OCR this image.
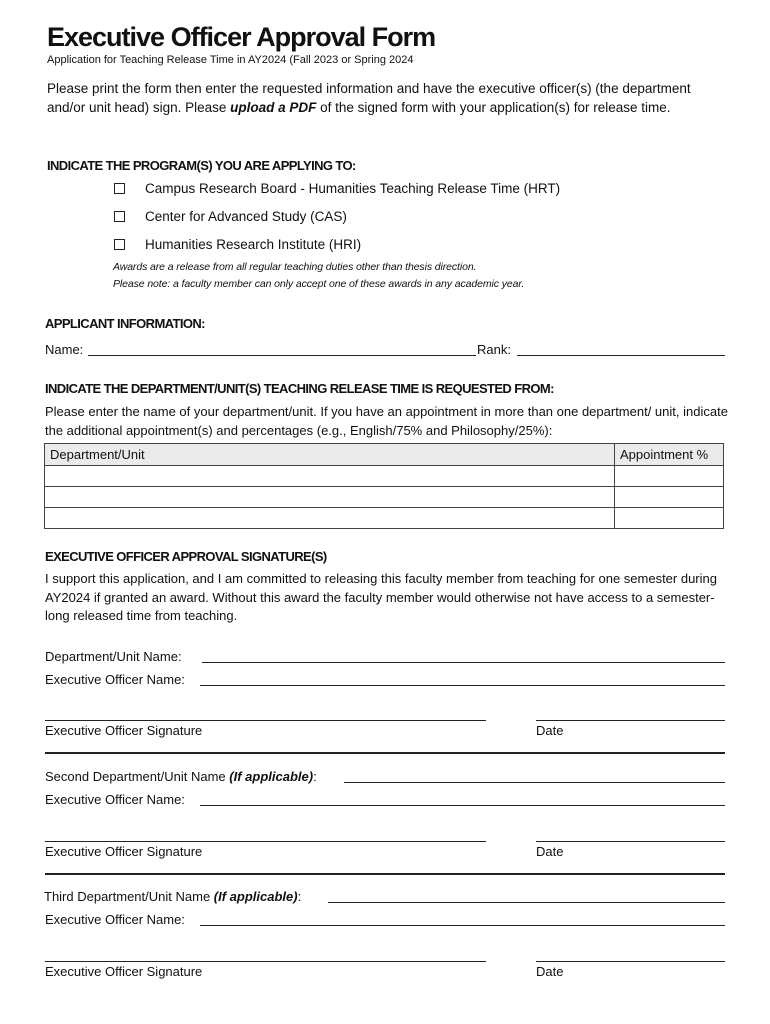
Executive Officer Approval Form
Application for Teaching Release Time in AY2024 (Fall 2023 or Spring 2024
Please print the form then enter the requested information and have the executive officer(s) (the department and/or unit head) sign. Please upload a PDF of the signed form with your application(s) for release time.
INDICATE THE PROGRAM(S) YOU ARE APPLYING TO:
Campus Research Board - Humanities Teaching Release Time (HRT)
Center for Advanced Study (CAS)
Humanities Research Institute (HRI)
Awards are a release from all regular teaching duties other than thesis direction.
Please note: a faculty member can only accept one of these awards in any academic year.
APPLICANT INFORMATION:
Name:	Rank:
INDICATE THE DEPARTMENT/UNIT(S) TEACHING RELEASE TIME IS REQUESTED FROM:
Please enter the name of your department/unit. If you have an appointment in more than one department/ unit, indicate the additional appointment(s) and percentages (e.g., English/75% and Philosophy/25%):
Department/Unit	Appointment %

EXECUTIVE OFFICER APPROVAL SIGNATURE(S)
I support this application, and I am committed to releasing this faculty member from teaching for one semester during AY2024 if granted an award. Without this award the faculty member would otherwise not have access to a semester-long released time from teaching.
Department/Unit Name:
Executive Officer Name:
Executive Officer Signature	Date
Second Department/Unit Name (If applicable):
Executive Officer Name:
Executive Officer Signature	Date
Third Department/Unit Name (If applicable):
Executive Officer Name:
Executive Officer Signature	Date
